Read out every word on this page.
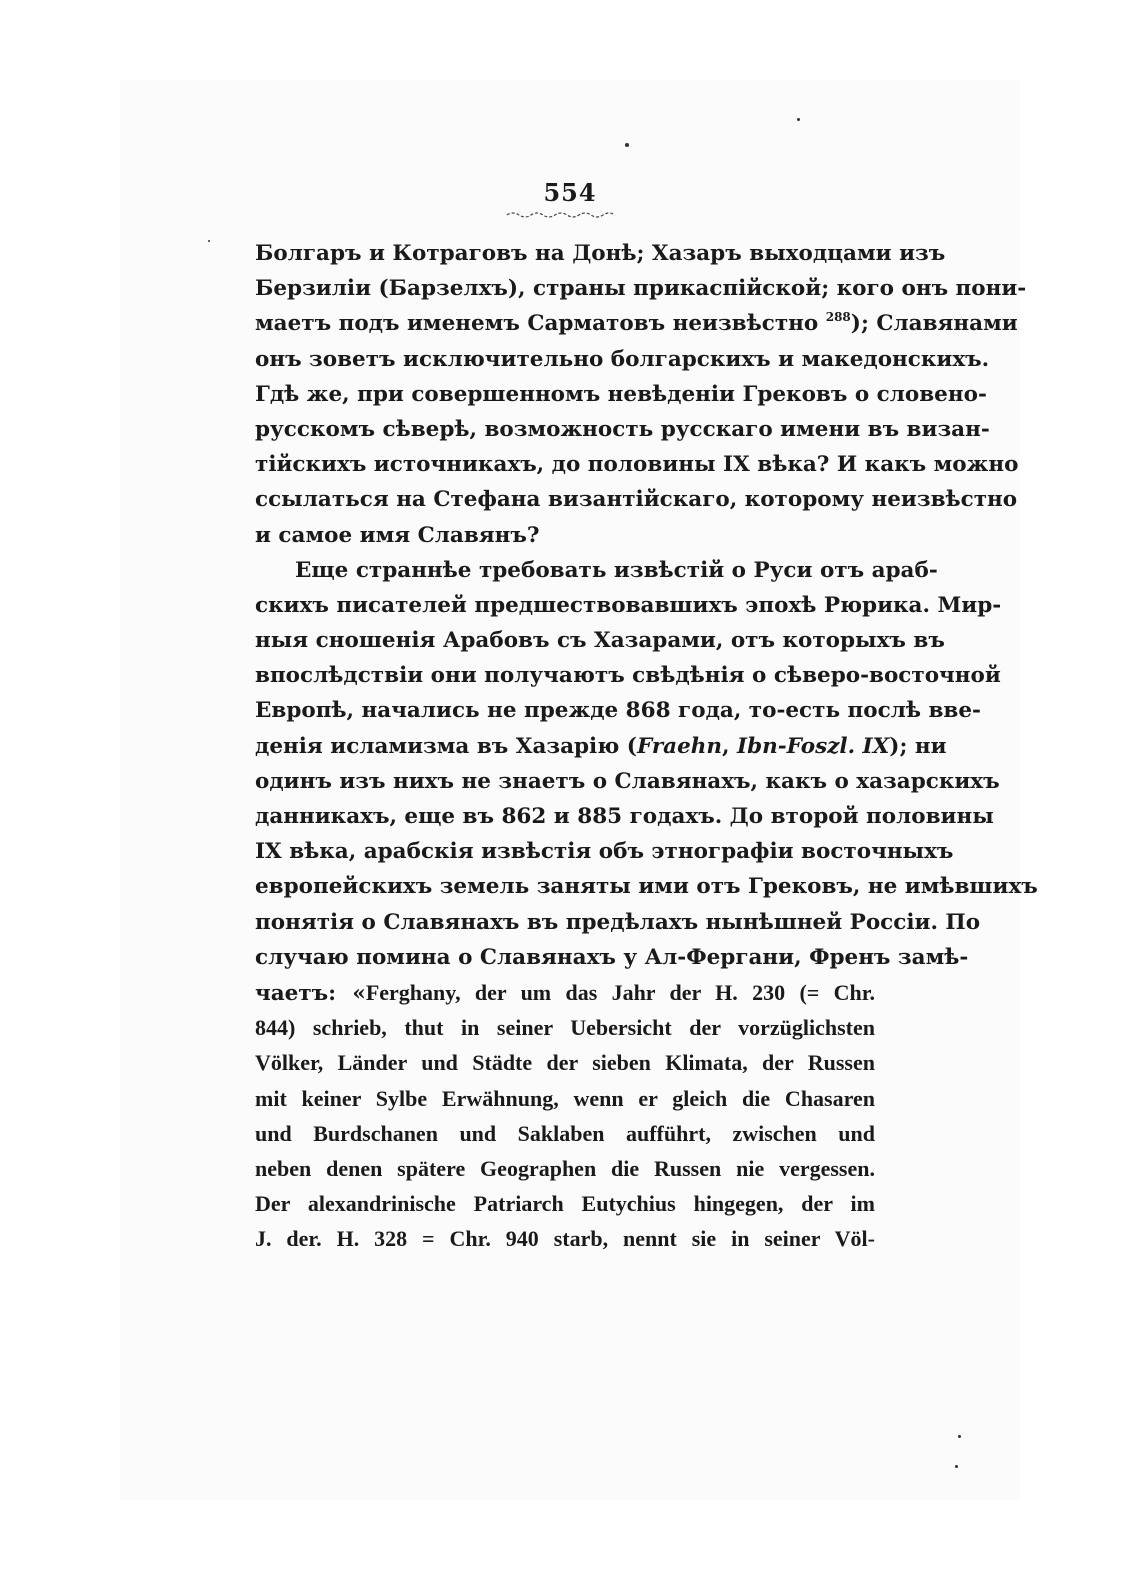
554
Болгаръ и Котраговъ на Донѣ; Хазаръ выходцами изъ
Берзилiи (Барзелхъ), страны прикаспiйской; кого онъ пони-
маетъ подъ именемъ Сарматовъ неизвѣстно $^{288}$); Славянами
онъ зоветъ исключительно болгарскихъ и македонскихъ.
Гдѣ же, при совершенномъ невѣденiи Грековъ о словено-
русскомъ сѣверѣ, возможность русскаго имени въ визан-
тiйскихъ источникахъ, до половины IX вѣка? И какъ можно
ссылаться на Стефана византiйскаго, которому неизвѣстно
и самое имя Славянъ?
Еще страннѣе требовать извѣстiй о Руси отъ араб-
скихъ писателей предшествовавшихъ эпохѣ Рюрика. Мир-
ныя сношенiя Арабовъ съ Хазарами, отъ которыхъ въ
впослѣдствiи они получаютъ свѣдѣнiя о сѣверо-восточной
Европѣ, начались не прежде 868 года, то-есть послѣ вве-
денiя исламизма въ Хазарiю (Fraehn, Ibn-Foszl. IX); ни
одинъ изъ нихъ не знаетъ о Славянахъ, какъ о хазарскихъ
данникахъ, еще въ 862 и 885 годахъ. До второй половины
IX вѣка, арабскiя извѣстiя объ этнографiи восточныхъ
европейскихъ земель заняты ими отъ Грековъ, не имѣвшихъ
понятiя о Славянахъ въ предѣлахъ нынѣшней Россiи. По
случаю помина о Славянахъ у Ал-Фергани, Френъ замѣ-
чаетъ: «Ferghany, der um das Jahr der H. 230 (= Chr.
844) schrieb, thut in seiner Uebersicht der vorzüglichsten
Völker, Länder und Städte der sieben Klimata, der Russen
mit keiner Sylbe Erwähnung, wenn er gleich die Chasaren
und Burdschanen und Saklaben aufführt, zwischen und
neben denen spätere Geographen die Russen nie vergessen.
Der alexandrinische Patriarch Eutychius hingegen, der im
J. der. H. 328 = Chr. 940 starb, nennt sie in seiner Völ-
